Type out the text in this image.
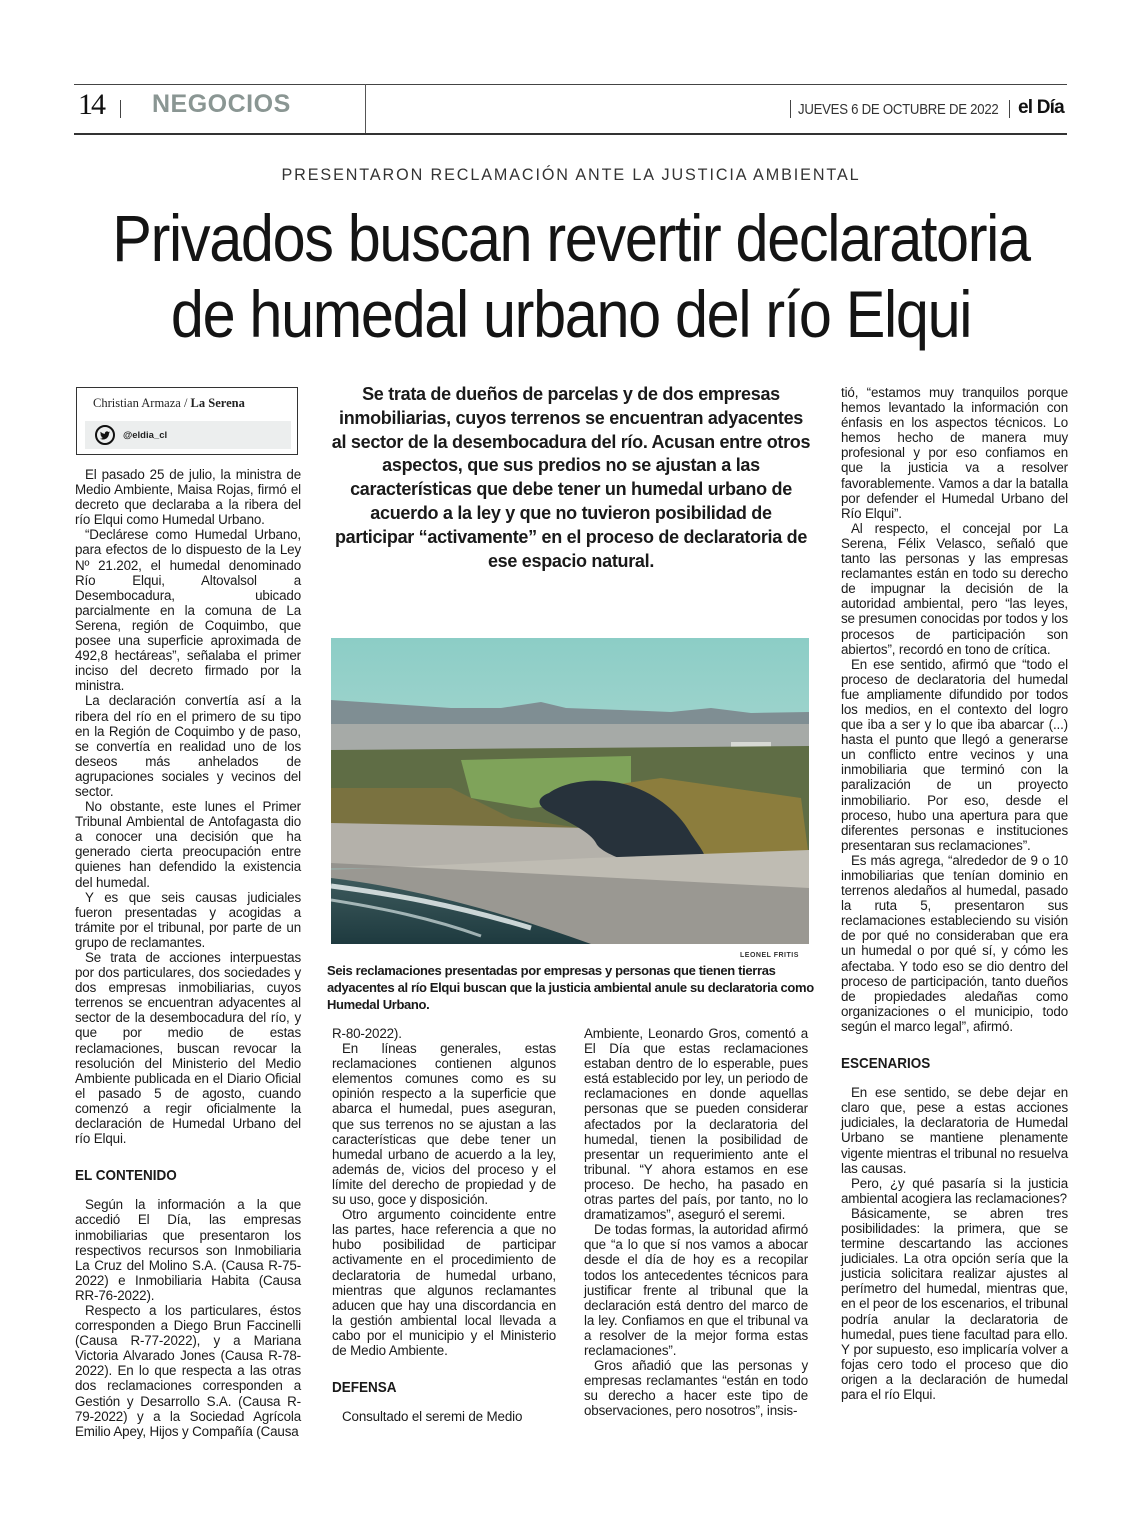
14 NEGOCIOS	JUEVES 6 DE OCTUBRE DE 2022 el Día
PRESENTARON RECLAMACIÓN ANTE LA JUSTICIA AMBIENTAL
Privados buscan revertir declaratoria
de humedal urbano del río Elqui
Christian Armaza / La Serena
@eldia_cl

El pasado 25 de julio, la ministra de Medio Ambiente, Maisa Rojas, firmó el decreto que declaraba a la ribera del río Elqui como Humedal Urbano.

“Declárese como Humedal Urbano, para efectos de lo dispuesto de la Ley Nº 21.202, el humedal denominado Río Elqui, Altovalsol a Desembocadura, ubicado parcialmente en la comuna de La Serena, región de Coquimbo, que posee una superficie aproximada de 492,8 hectáreas”, señalaba el primer inciso del decreto firmado por la ministra.

La declaración convertía así a la ribera del río en el primero de su tipo en la Región de Coquimbo y de paso, se convertía en realidad uno de los deseos más anhelados de agrupaciones sociales y vecinos del sector.

No obstante, este lunes el Primer Tribunal Ambiental de Antofagasta dio a conocer una decisión que ha generado cierta preocupación entre quienes han defendido la existencia del humedal.

Y es que seis causas judiciales fueron presentadas y acogidas a trámite por el tribunal, por parte de un grupo de reclamantes.

Se trata de acciones interpuestas por dos particulares, dos sociedades y dos empresas inmobiliarias, cuyos terrenos se encuentran adyacentes al sector de la desembocadura del río, y que por medio de estas reclamaciones, buscan revocar la resolución del Ministerio del Medio Ambiente publicada en el Diario Oficial el pasado 5 de agosto, cuando comenzó a regir oficialmente la declaración de Humedal Urbano del río Elqui.

EL CONTENIDO

Según la información a la que accedió El Día, las empresas inmobiliarias que presentaron los respectivos recursos son Inmobiliaria La Cruz del Molino S.A. (Causa R-75-2022) e Inmobiliaria Habita (Causa RR-76-2022).

Respecto a los particulares, éstos corresponden a Diego Brun Faccinelli (Causa R-77-2022), y a Mariana Victoria Alvarado Jones (Causa R-78-2022). En lo que respecta a las otras dos reclamaciones corresponden a Gestión y Desarrollo S.A. (Causa R-79-2022) y a la Sociedad Agrícola Emilio Apey, Hijos y Compañía (Causa

Se trata de dueños de parcelas y de dos empresas inmobiliarias, cuyos terrenos se encuentran adyacentes al sector de la desembocadura del río. Acusan entre otros aspectos, que sus predios no se ajustan a las características que debe tener un humedal urbano de acuerdo a la ley y que no tuvieron posibilidad de participar “activamente” en el proceso de declaratoria de ese espacio natural.
LEONEL FRITIS
Seis reclamaciones presentadas por empresas y personas que tienen tierras adyacentes al río Elqui buscan que la justicia ambiental anule su declaratoria como Humedal Urbano.

R-80-2022).

En líneas generales, estas reclamaciones contienen algunos elementos comunes como es su opinión respecto a la superficie que abarca el humedal, pues aseguran, que sus terrenos no se ajustan a las características que debe tener un humedal urbano de acuerdo a la ley, además de, vicios del proceso y el límite del derecho de propiedad y de su uso, goce y disposición.

Otro argumento coincidente entre las partes, hace referencia a que no hubo posibilidad de participar activamente en el procedimiento de declaratoria de humedal urbano, mientras que algunos reclamantes aducen que hay una discordancia en la gestión ambiental local llevada a cabo por el municipio y el Ministerio de Medio Ambiente.

DEFENSA

Consultado el seremi de Medio

Ambiente, Leonardo Gros, comentó a El Día que estas reclamaciones estaban dentro de lo esperable, pues está establecido por ley, un periodo de reclamaciones en donde aquellas personas que se pueden considerar afectados por la declaratoria del humedal, tienen la posibilidad de presentar un requerimiento ante el tribunal. “Y ahora estamos en ese proceso. De hecho, ha pasado en otras partes del país, por tanto, no lo dramatizamos”, aseguró el seremi.

De todas formas, la autoridad afirmó que “a lo que sí nos vamos a abocar desde el día de hoy es a recopilar todos los antecedentes técnicos para justificar frente al tribunal que la declaración está dentro del marco de la ley. Confiamos en que el tribunal va a resolver de la mejor forma estas reclamaciones”.

Gros añadió que las personas y empresas reclamantes “están en todo su derecho a hacer este tipo de observaciones, pero nosotros”, insis-

tió, “estamos muy tranquilos porque hemos levantado la información con énfasis en los aspectos técnicos. Lo hemos hecho de manera muy profesional y por eso confiamos en que la justicia va a resolver favorablemente. Vamos a dar la batalla por defender el Humedal Urbano del Río Elqui”.

Al respecto, el concejal por La Serena, Félix Velasco, señaló que tanto las personas y las empresas reclamantes están en todo su derecho de impugnar la decisión de la autoridad ambiental, pero “las leyes, se presumen conocidas por todos y los procesos de participación son abiertos”, recordó en tono de crítica.

En ese sentido, afirmó que “todo el proceso de declaratoria del humedal fue ampliamente difundido por todos los medios, en el contexto del logro que iba a ser y lo que iba abarcar (...) hasta el punto que llegó a generarse un conflicto entre vecinos y una inmobiliaria que terminó con la paralización de un proyecto inmobiliario. Por eso, desde el proceso, hubo una apertura para que diferentes personas e instituciones presentaran sus reclamaciones”.

Es más agrega, “alrededor de 9 o 10 inmobiliarias que tenían dominio en terrenos aledaños al humedal, pasado la ruta 5, presentaron sus reclamaciones estableciendo su visión de por qué no consideraban que era un humedal o por qué sí, y cómo les afectaba. Y todo eso se dio dentro del proceso de participación, tanto dueños de propiedades aledañas como organizaciones o el municipio, todo según el marco legal”, afirmó.

ESCENARIOS

En ese sentido, se debe dejar en claro que, pese a estas acciones judiciales, la declaratoria de Humedal Urbano se mantiene plenamente vigente mientras el tribunal no resuelva las causas.

Pero, ¿y qué pasaría si la justicia ambiental acogiera las reclamaciones?

Básicamente, se abren tres posibilidades: la primera, que se termine descartando las acciones judiciales. La otra opción sería que la justicia solicitara realizar ajustes al perímetro del humedal, mientras que, en el peor de los escenarios, el tribunal podría anular la declaratoria de humedal, pues tiene facultad para ello. Y por supuesto, eso implicaría volver a fojas cero todo el proceso que dio origen a la declaración de humedal para el río Elqui.
